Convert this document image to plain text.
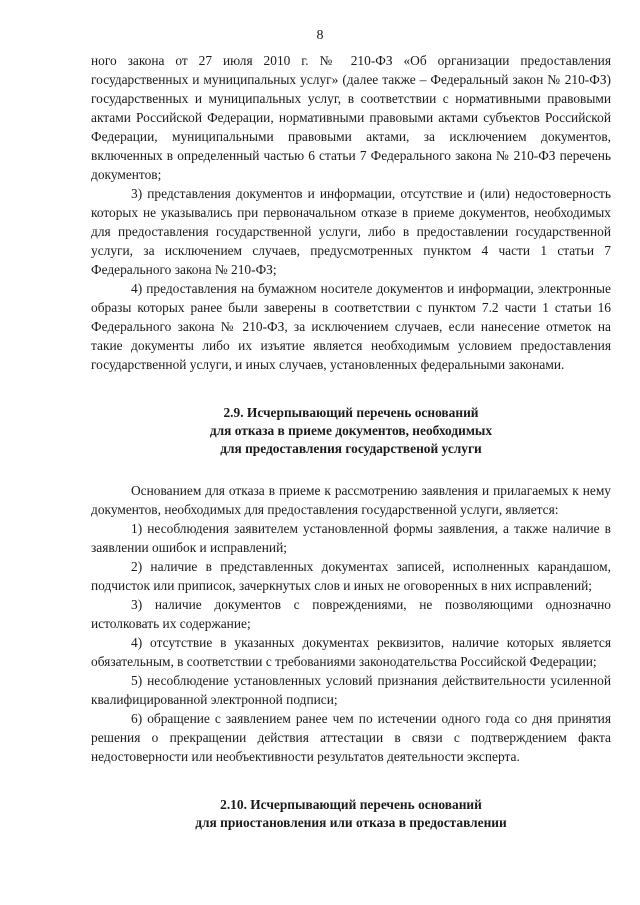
8

ного закона от 27 июля 2010 г. № 210-ФЗ «Об организации предоставления государственных и муниципальных услуг» (далее также – Федеральный закон № 210-ФЗ) государственных и муниципальных услуг, в соответствии с нормативными правовыми актами Российской Федерации, нормативными правовыми актами субъектов Российской Федерации, муниципальными правовыми актами, за исключением документов, включенных в определенный частью 6 статьи 7 Федерального закона № 210-ФЗ перечень документов;

3) представления документов и информации, отсутствие и (или) недостоверность которых не указывались при первоначальном отказе в приеме документов, необходимых для предоставления государственной услуги, либо в предоставлении государственной услуги, за исключением случаев, предусмотренных пунктом 4 части 1 статьи 7 Федерального закона № 210-ФЗ;

4) предоставления на бумажном носителе документов и информации, электронные образы которых ранее были заверены в соответствии с пунктом 7.2 части 1 статьи 16 Федерального закона № 210-ФЗ, за исключением случаев, если нанесение отметок на такие документы либо их изъятие является необходимым условием предоставления государственной услуги, и иных случаев, установленных федеральными законами.

2.9. Исчерпывающий перечень оснований
для отказа в приеме документов, необходимых
для предоставления государственой услуги

Основанием для отказа в приеме к рассмотрению заявления и прилагаемых к нему документов, необходимых для предоставления государственной услуги, является:

1) несоблюдения заявителем установленной формы заявления, а также наличие в заявлении ошибок и исправлений;

2) наличие в представленных документах записей, исполненных карандашом, подчисток или приписок, зачеркнутых слов и иных не оговоренных в них исправлений;

3) наличие документов с повреждениями, не позволяющими однозначно истолковать их содержание;

4) отсутствие в указанных документах реквизитов, наличие которых является обязательным, в соответствии с требованиями законодательства Российской Федерации;

5) несоблюдение установленных условий признания действительности усиленной квалифицированной электронной подписи;

6) обращение с заявлением ранее чем по истечении одного года со дня принятия решения о прекращении действия аттестации в связи с подтверждением факта недостоверности или необъективности результатов деятельности эксперта.

2.10. Исчерпывающий перечень оснований
для приостановления или отказа в предоставлении
